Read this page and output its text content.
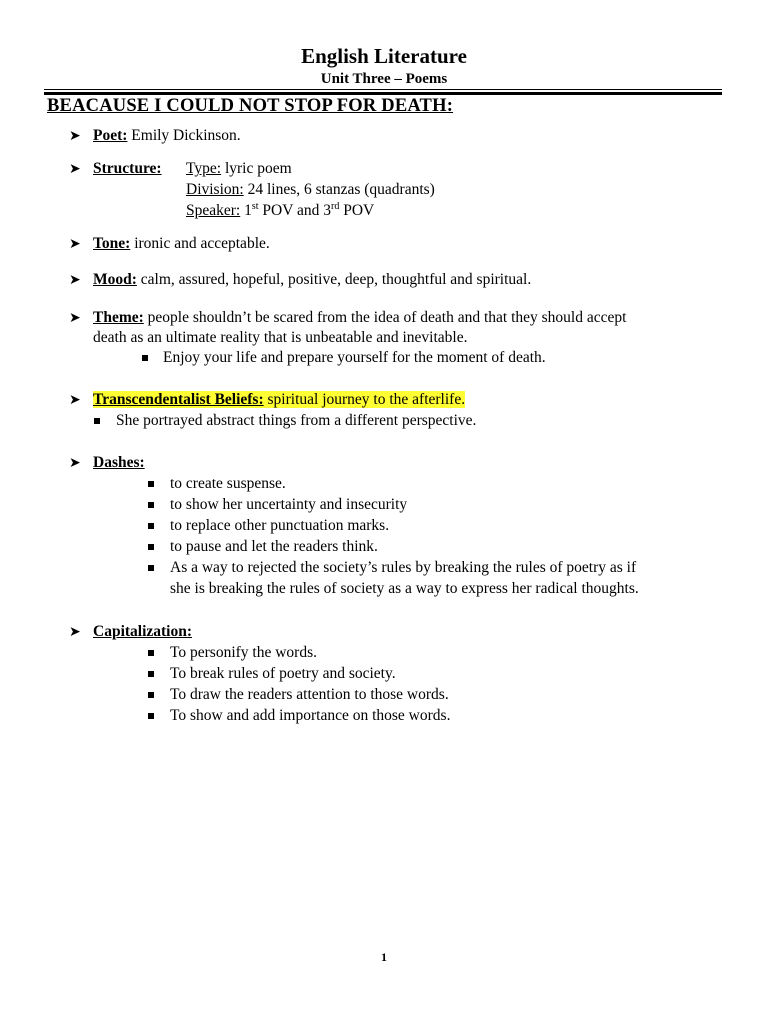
English Literature
Unit Three – Poems
BEACAUSE I COULD NOT STOP FOR DEATH:
➤ Poet: Emily Dickinson.
➤ Structure: Type: lyric poem
Division: 24 lines, 6 stanzas (quadrants)
Speaker: 1st POV and 3rd POV
➤ Tone: ironic and acceptable.
➤ Mood: calm, assured, hopeful, positive, deep, thoughtful and spiritual.
➤ Theme: people shouldn’t be scared from the idea of death and that they should accept
death as an ultimate reality that is unbeatable and inevitable.
Enjoy your life and prepare yourself for the moment of death.
➤ Transcendentalist Beliefs: spiritual journey to the afterlife.
She portrayed abstract things from a different perspective.
➤ Dashes:
to create suspense.
to show her uncertainty and insecurity
to replace other punctuation marks.
to pause and let the readers think.
As a way to rejected the society’s rules by breaking the rules of poetry as if
she is breaking the rules of society as a way to express her radical thoughts.
➤ Capitalization:
To personify the words.
To break rules of poetry and society.
To draw the readers attention to those words.
To show and add importance on those words.
1
